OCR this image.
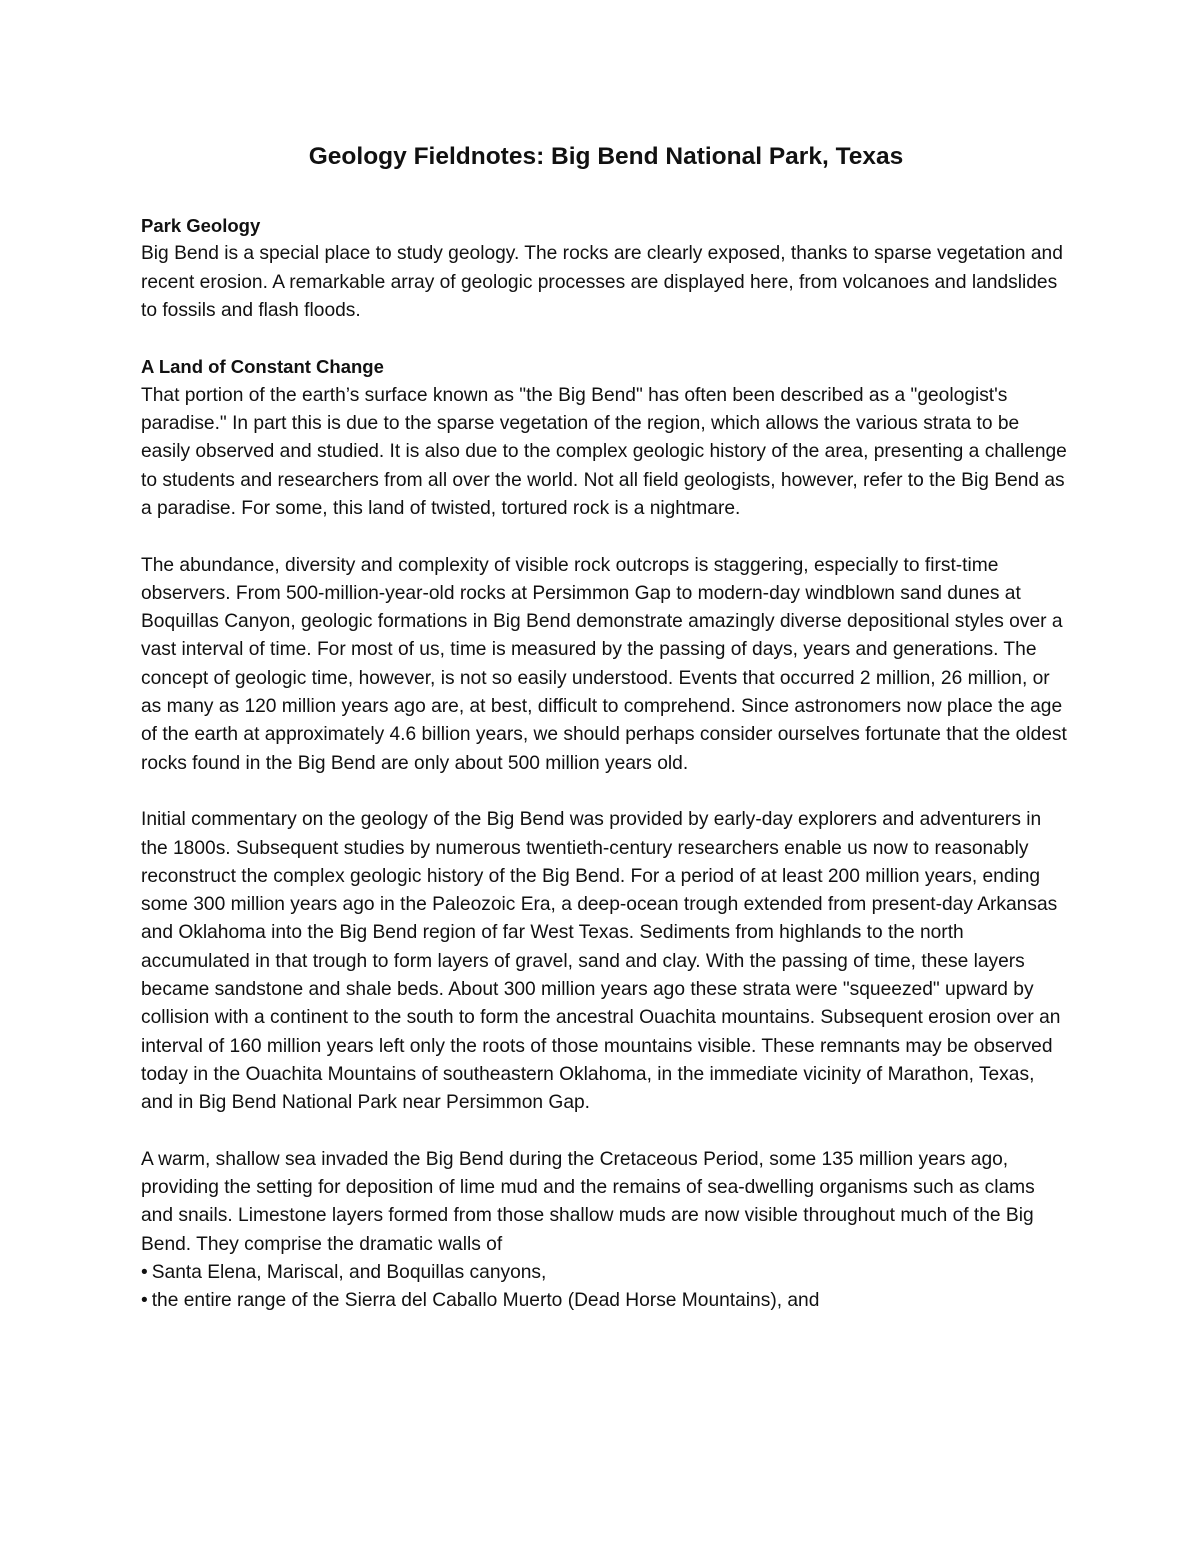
Geology Fieldnotes: Big Bend National Park, Texas
Park Geology

Big Bend is a special place to study geology. The rocks are clearly exposed, thanks to sparse vegetation and recent erosion. A remarkable array of geologic processes are displayed here, from volcanoes and landslides to fossils and flash floods.

A Land of Constant Change

That portion of the earth’s surface known as "the Big Bend" has often been described as a "geologist's paradise." In part this is due to the sparse vegetation of the region, which allows the various strata to be easily observed and studied. It is also due to the complex geologic history of the area, presenting a challenge to students and researchers from all over the world. Not all field geologists, however, refer to the Big Bend as a paradise. For some, this land of twisted, tortured rock is a nightmare.

The abundance, diversity and complexity of visible rock outcrops is staggering, especially to first-time observers. From 500-million-year-old rocks at Persimmon Gap to modern-day windblown sand dunes at Boquillas Canyon, geologic formations in Big Bend demonstrate amazingly diverse depositional styles over a vast interval of time. For most of us, time is measured by the passing of days, years and generations. The concept of geologic time, however, is not so easily understood. Events that occurred 2 million, 26 million, or as many as 120 million years ago are, at best, difficult to comprehend. Since astronomers now place the age of the earth at approximately 4.6 billion years, we should perhaps consider ourselves fortunate that the oldest rocks found in the Big Bend are only about 500 million years old.

Initial commentary on the geology of the Big Bend was provided by early-day explorers and adventurers in the 1800s. Subsequent studies by numerous twentieth-century researchers enable us now to reasonably reconstruct the complex geologic history of the Big Bend. For a period of at least 200 million years, ending some 300 million years ago in the Paleozoic Era, a deep-ocean trough extended from present-day Arkansas and Oklahoma into the Big Bend region of far West Texas. Sediments from highlands to the north accumulated in that trough to form layers of gravel, sand and clay. With the passing of time, these layers became sandstone and shale beds. About 300 million years ago these strata were "squeezed" upward by collision with a continent to the south to form the ancestral Ouachita mountains. Subsequent erosion over an interval of 160 million years left only the roots of those mountains visible. These remnants may be observed today in the Ouachita Mountains of southeastern Oklahoma, in the immediate vicinity of Marathon, Texas, and in Big Bend National Park near Persimmon Gap.

A warm, shallow sea invaded the Big Bend during the Cretaceous Period, some 135 million years ago, providing the setting for deposition of lime mud and the remains of sea-dwelling organisms such as clams and snails. Limestone layers formed from those shallow muds are now visible throughout much of the Big Bend. They comprise the dramatic walls of

• Santa Elena, Mariscal, and Boquillas canyons,
• the entire range of the Sierra del Caballo Muerto (Dead Horse Mountains), and
